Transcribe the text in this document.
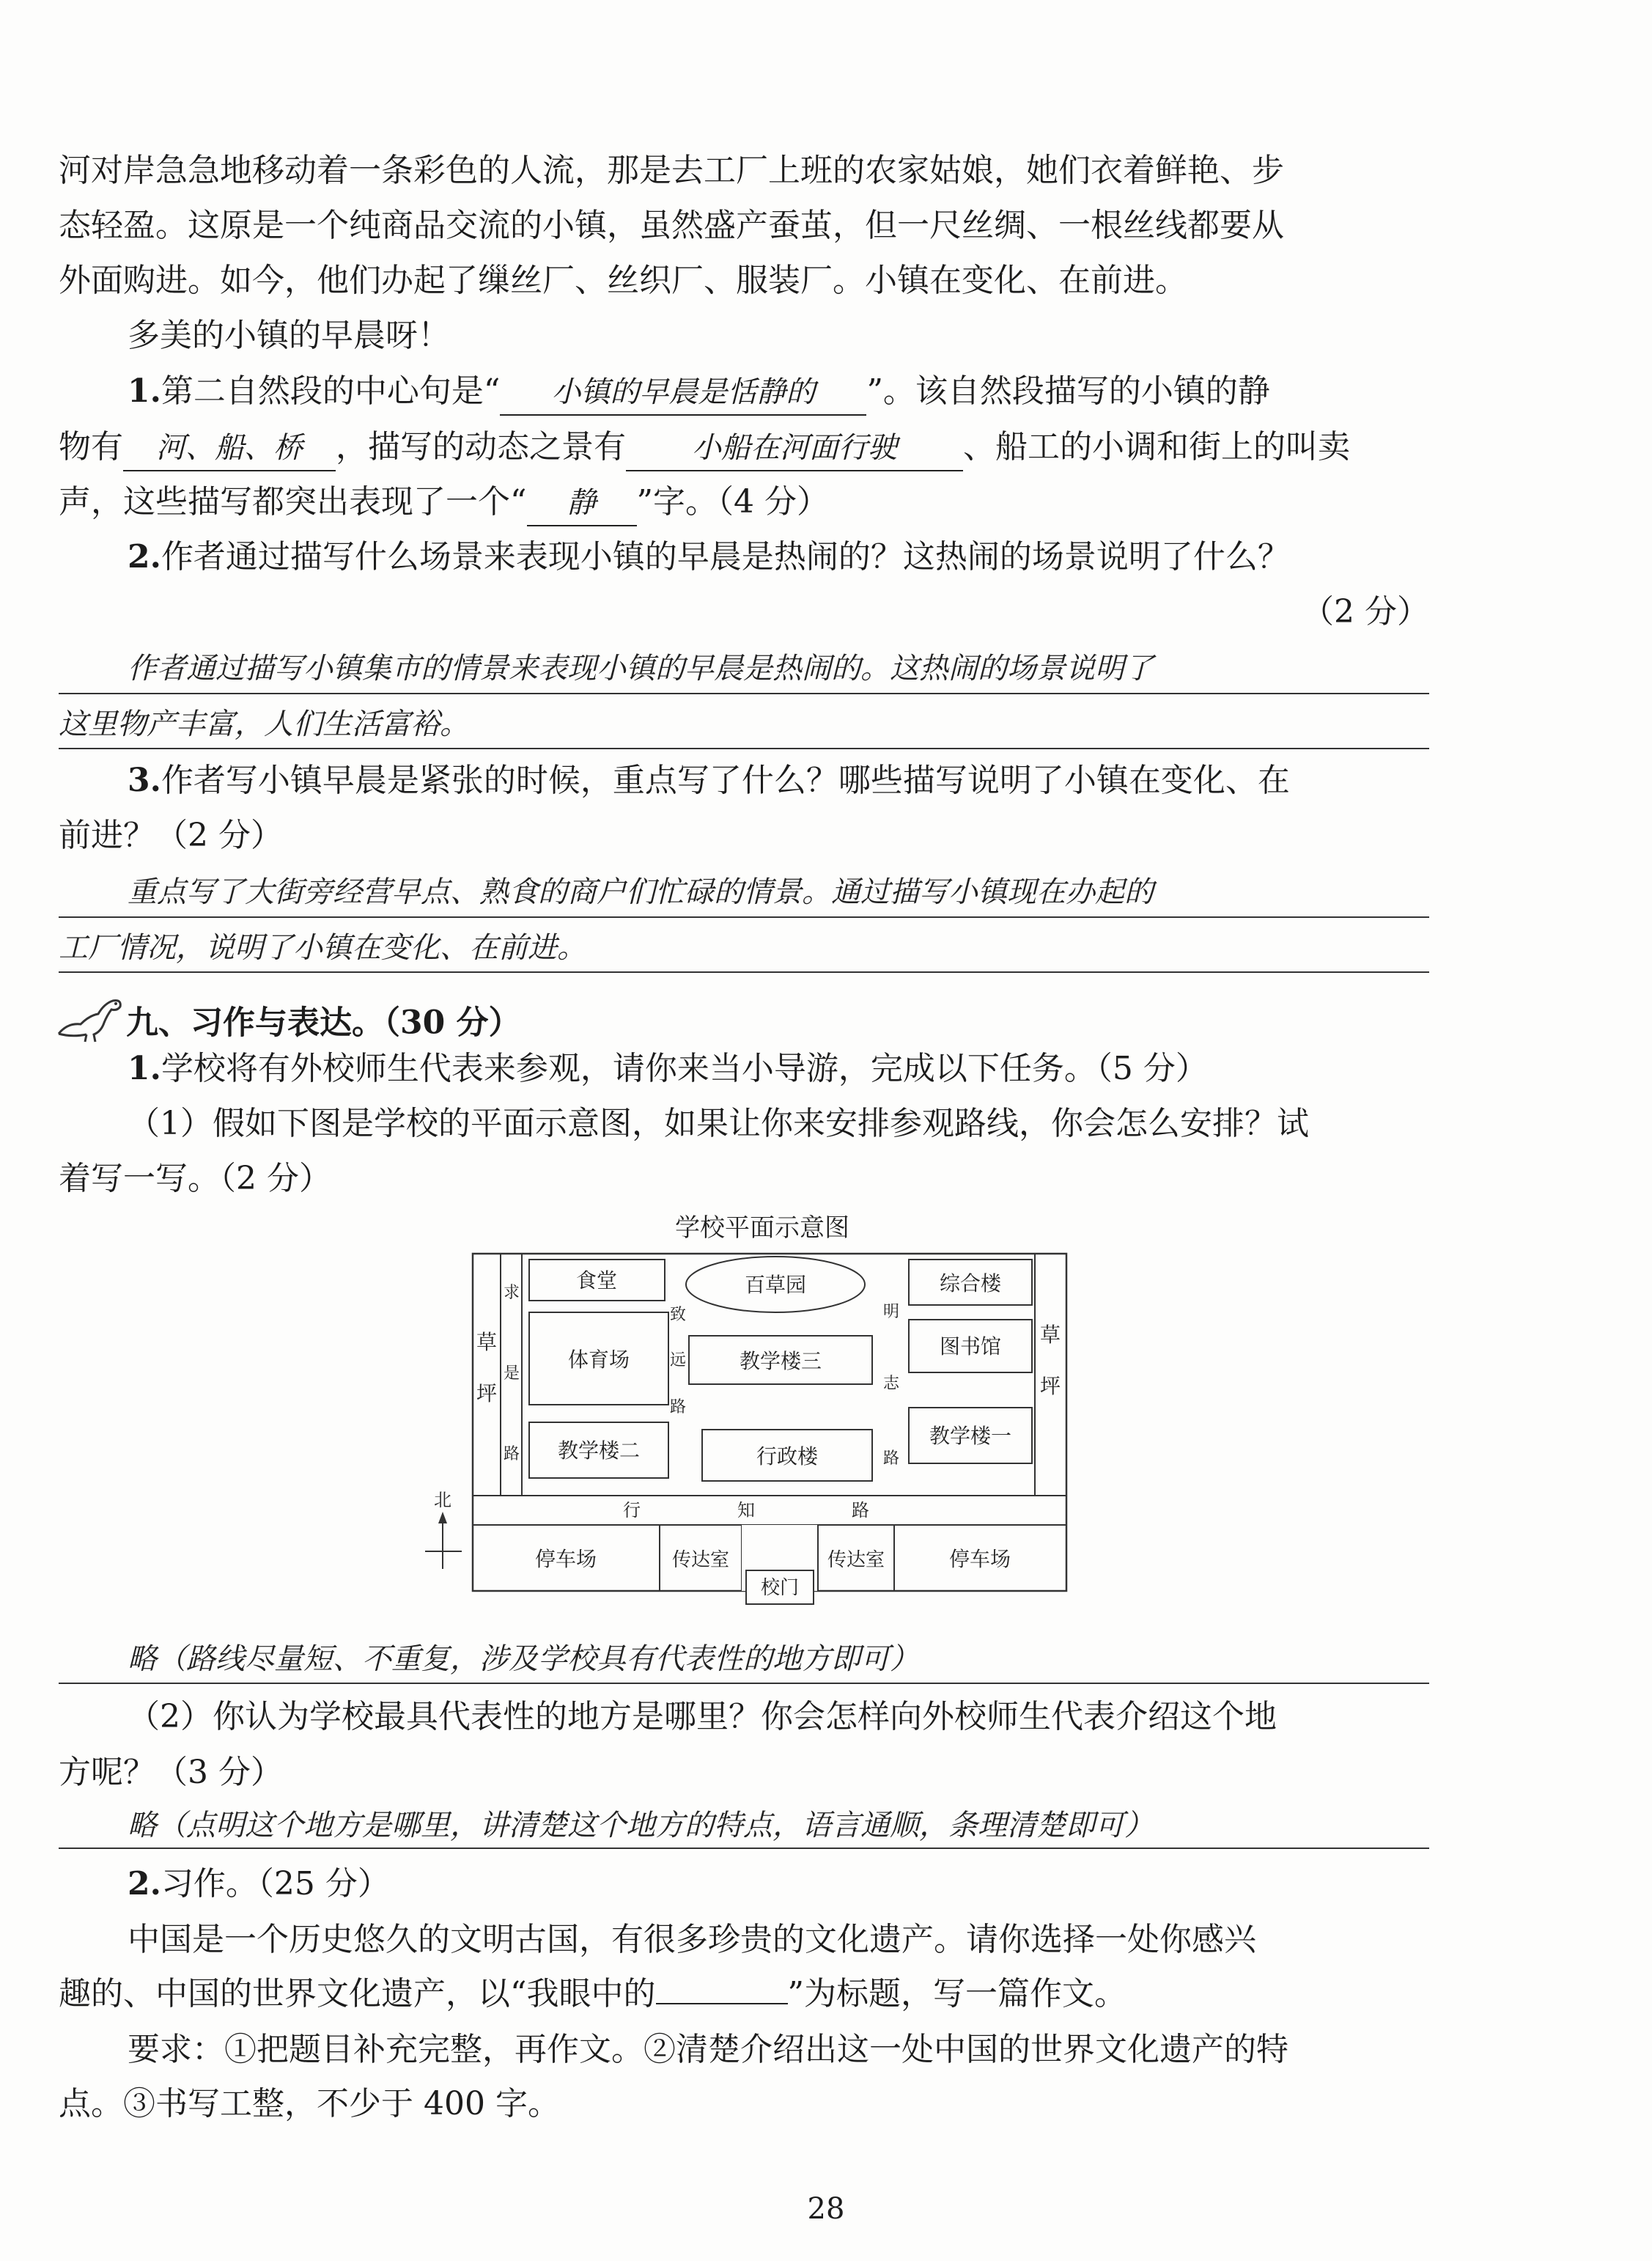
河对岸急急地移动着一条彩色的人流，那是去工厂上班的农家姑娘，她们衣着鲜艳、步
态轻盈。这原是一个纯商品交流的小镇，虽然盛产蚕茧，但一尺丝绸、一根丝线都要从
外面购进。如今，他们办起了缫丝厂、丝织厂、服装厂。小镇在变化、在前进。
多美的小镇的早晨呀！
1.第二自然段的中心句是“ 小镇的早晨是恬静的 ”。该自然段描写的小镇的静
物有 河、船、桥 ，描写的动态之景有 小船在河面行驶 、船工的小调和街上的叫卖
声，这些描写都突出表现了一个“ 静 ”字。（4 分）
2.作者通过描写什么场景来表现小镇的早晨是热闹的？这热闹的场景说明了什么？
（2 分）
作者通过描写小镇集市的情景来表现小镇的早晨是热闹的。这热闹的场景说明了
这里物产丰富，人们生活富裕。
3.作者写小镇早晨是紧张的时候，重点写了什么？哪些描写说明了小镇在变化、在
前进？（2 分）
重点写了大街旁经营早点、熟食的商户们忙碌的情景。通过描写小镇现在办起的
工厂情况，说明了小镇在变化、在前进。
九、习作与表达。（30 分）
1.学校将有外校师生代表来参观，请你来当小导游，完成以下任务。（5 分）
（1）假如下图是学校的平面示意图，如果让你来安排参观路线，你会怎么安排？试
着写一写。（2 分）
学校平面示意图
草
坪
草
坪
求
是
路
食堂	百草园	综合楼
体育场
致
远
路
教学楼三
明
志
路
图书馆
教学楼二	行政楼
教学楼一
行	知	路
停车场	传达室
校门
传达室	停车场
北
略（路线尽量短、不重复，涉及学校具有代表性的地方即可）
（2）你认为学校最具代表性的地方是哪里？你会怎样向外校师生代表介绍这个地
方呢？（3 分）
略（点明这个地方是哪里，讲清楚这个地方的特点，语言通顺，条理清楚即可）
2.习作。（25 分）
中国是一个历史悠久的文明古国，有很多珍贵的文化遗产。请你选择一处你感兴
趣的、中国的世界文化遗产，以“我眼中的	”为标题，写一篇作文。
要求：①把题目补充完整，再作文。②清楚介绍出这一处中国的世界文化遗产的特
点。③书写工整，不少于 400 字。
28
